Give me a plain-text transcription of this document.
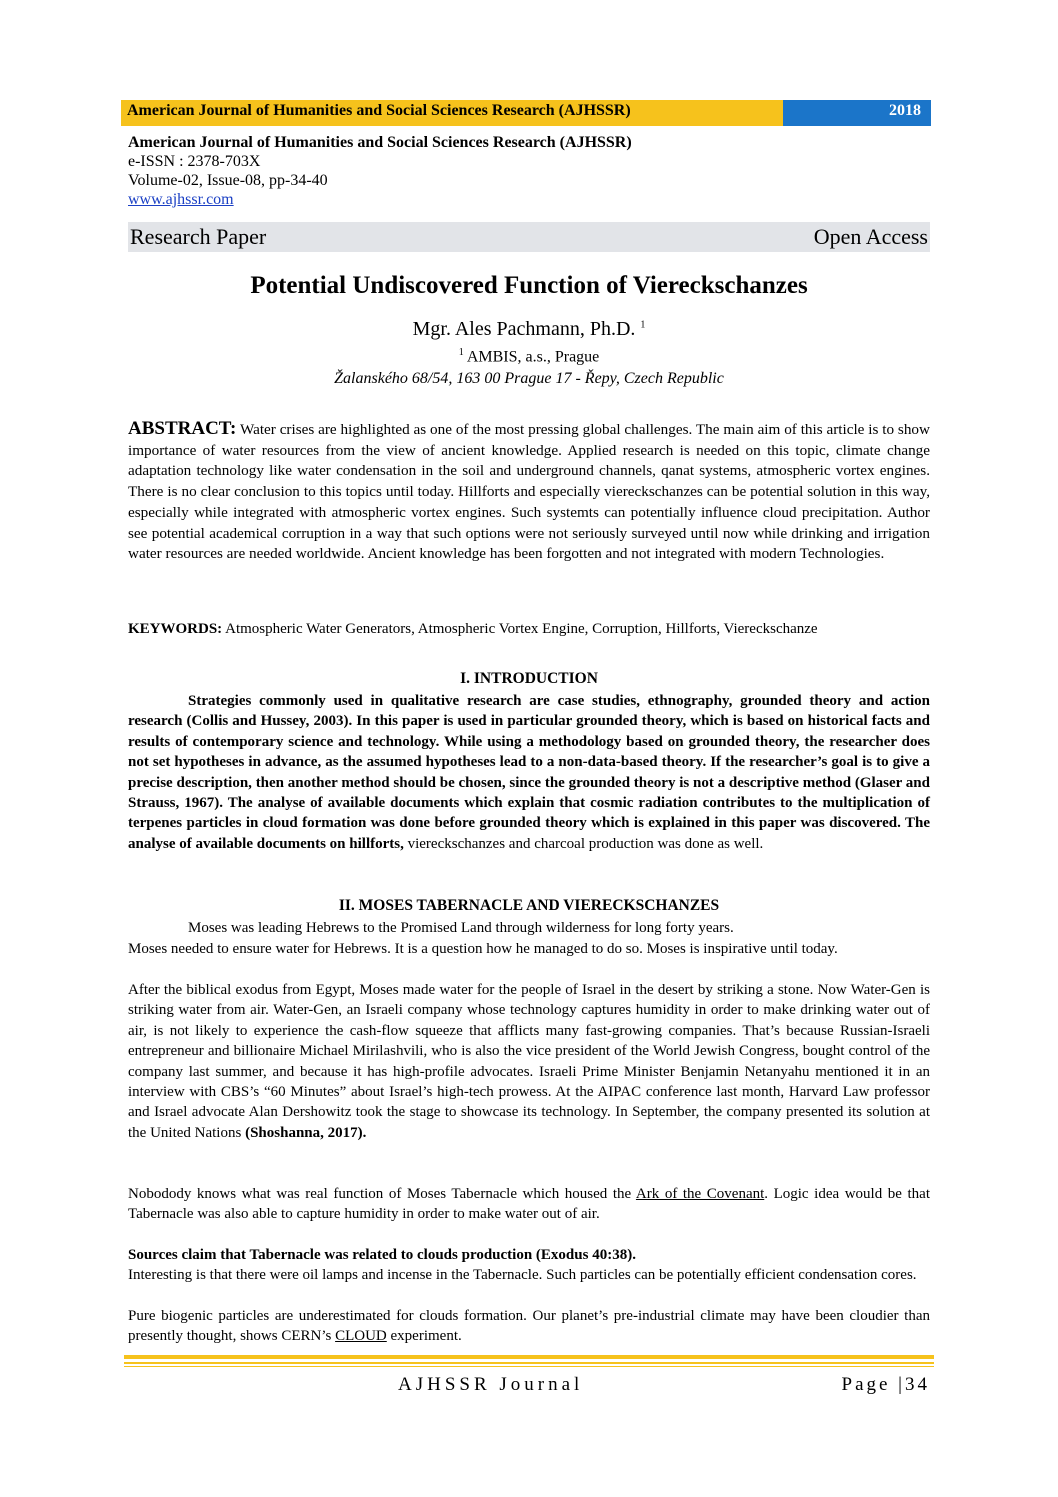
American Journal of Humanities and Social Sciences Research (AJHSSR)	2018
American Journal of Humanities and Social Sciences Research (AJHSSR)
e-ISSN : 2378-703X
Volume-02, Issue-08, pp-34-40
www.ajhssr.com
Research Paper	Open Access
Potential Undiscovered Function of Viereckschanzes
Mgr. Ales Pachmann, Ph.D. $^1$
$^1$ AMBIS, a.s., Prague
Žalanského 68/54, 163 00 Prague 17 - Řepy, Czech Republic
ABSTRACT: Water crises are highlighted as one of the most pressing global challenges. The main aim of this article is to show importance of water resources from the view of ancient knowledge. Applied research is needed on this topic, climate change adaptation technology like water condensation in the soil and underground channels, qanat systems, atmospheric vortex engines. There is no clear conclusion to this topics until today. Hillforts and especially viereckschanzes can be potential solution in this way, especially while integrated with atmospheric vortex engines. Such systemts can potentially influence cloud precipitation. Author see potential academical corruption in a way that such options were not seriously surveyed until now while drinking and irrigation water resources are needed worldwide. Ancient knowledge has been forgotten and not integrated with modern Technologies.
KEYWORDS: Atmospheric Water Generators, Atmospheric Vortex Engine, Corruption, Hillforts, Viereckschanze
I. INTRODUCTION

Strategies commonly used in qualitative research are case studies, ethnography, grounded theory and action research (Collis and Hussey, 2003). In this paper is used in particular grounded theory, which is based on historical facts and results of contemporary science and technology. While using a methodology based on grounded theory, the researcher does not set hypotheses in advance, as the assumed hypotheses lead to a non-data-based theory. If the researcher’s goal is to give a precise description, then another method should be chosen, since the grounded theory is not a descriptive method (Glaser and Strauss, 1967). The analyse of available documents which explain that cosmic radiation contributes to the multiplication of terpenes particles in cloud formation was done before grounded theory which is explained in this paper was discovered. The analyse of available documents on hillforts, viereckschanzes and charcoal production was done as well.

II. MOSES TABERNACLE AND VIERECKSCHANZES

Moses was leading Hebrews to the Promised Land through wilderness for long forty years.

Moses needed to ensure water for Hebrews. It is a question how he managed to do so. Moses is inspirative until today.

After the biblical exodus from Egypt, Moses made water for the people of Israel in the desert by striking a stone. Now Water-Gen is striking water from air. Water-Gen, an Israeli company whose technology captures humidity in order to make drinking water out of air, is not likely to experience the cash-flow squeeze that afflicts many fast-growing companies. That’s because Russian-Israeli entrepreneur and billionaire Michael Mirilashvili, who is also the vice president of the World Jewish Congress, bought control of the company last summer, and because it has high-profile advocates. Israeli Prime Minister Benjamin Netanyahu mentioned it in an interview with CBS’s “60 Minutes” about Israel’s high-tech prowess. At the AIPAC conference last month, Harvard Law professor and Israel advocate Alan Dershowitz took the stage to showcase its technology. In September, the company presented its solution at the United Nations (Shoshanna, 2017).

Nobodody knows what was real function of Moses Tabernacle which housed the Ark of the Covenant. Logic idea would be that Tabernacle was also able to capture humidity in order to make water out of air.

Sources claim that Tabernacle was related to clouds production (Exodus 40:38).

Interesting is that there were oil lamps and incense in the Tabernacle. Such particles can be potentially efficient condensation cores.

Pure biogenic particles are underestimated for clouds formation. Our planet’s pre-industrial climate may have been cloudier than presently thought, shows CERN’s CLOUD experiment.

AJHSSR Journal	Page |34
